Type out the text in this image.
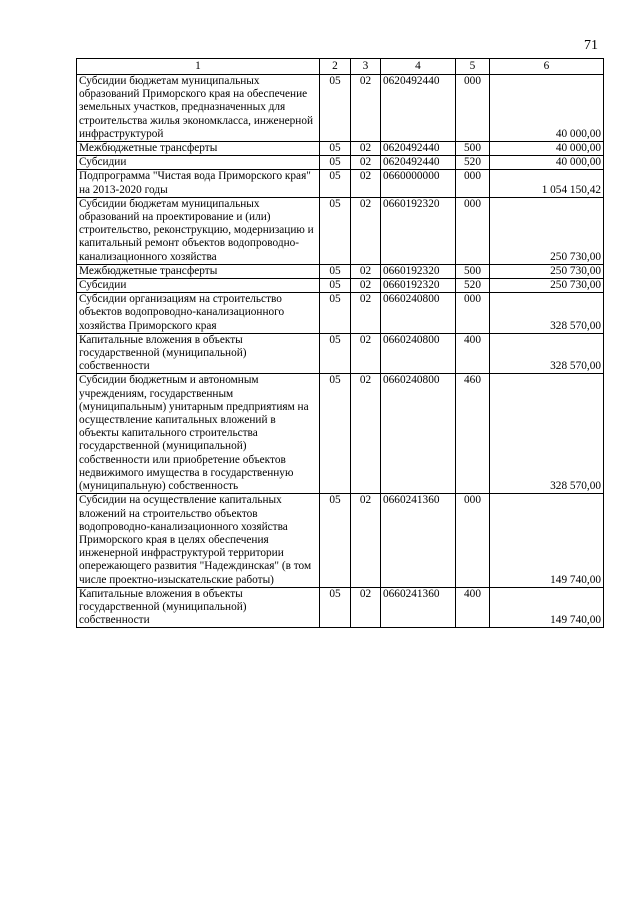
71
1	2	3	4	5	6
Субсидии бюджетам муниципальных образований Приморского края на обеспечение земельных участков, предназначенных для строительства жилья экономкласса, инженерной инфраструктурой	05	02	0620492440	000	40 000,00
Межбюджетные трансферты	05	02	0620492440	500	40 000,00
Субсидии	05	02	0620492440	520	40 000,00
Подпрограмма "Чистая вода Приморского края" на 2013-2020 годы	05	02	0660000000	000	1 054 150,42
Субсидии бюджетам муниципальных образований на проектирование и (или) строительство, реконструкцию, модернизацию и капитальный ремонт объектов водопроводно-канализационного хозяйства	05	02	0660192320	000	250 730,00
Межбюджетные трансферты	05	02	0660192320	500	250 730,00
Субсидии	05	02	0660192320	520	250 730,00
Субсидии организациям на строительство объектов водопроводно-канализационного хозяйства Приморского края	05	02	0660240800	000	328 570,00
Капитальные вложения в объекты государственной (муниципальной) собственности	05	02	0660240800	400	328 570,00
Субсидии бюджетным и автономным учреждениям, государственным (муниципальным) унитарным предприятиям на осуществление капитальных вложений в объекты капитального строительства государственной (муниципальной) собственности или приобретение объектов недвижимого имущества в государственную (муниципальную) собственность	05	02	0660240800	460	328 570,00
Субсидии на осуществление капитальных вложений на строительство объектов водопроводно-канализационного хозяйства Приморского края в целях обеспечения инженерной инфраструктурой территории опережающего развития "Надеждинская" (в том числе проектно-изыскательские работы)	05	02	0660241360	000	149 740,00
Капитальные вложения в объекты государственной (муниципальной) собственности	05	02	0660241360	400	149 740,00
